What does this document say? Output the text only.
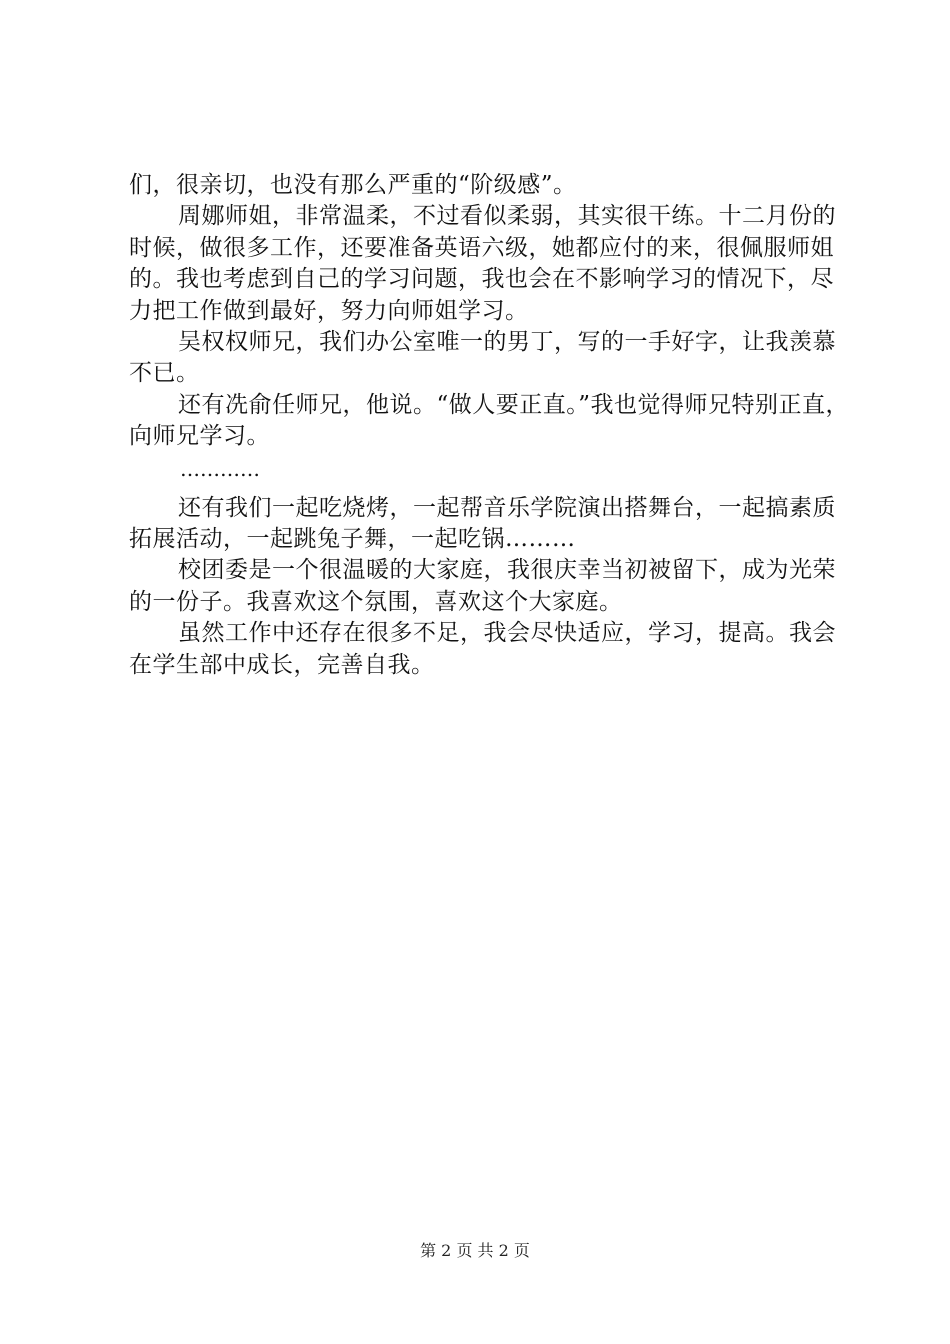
们，很亲切，也没有那么严重的“阶级感”。

周娜师姐，非常温柔，不过看似柔弱，其实很干练。十二月份的时候，做很多工作，还要准备英语六级，她都应付的来，很佩服师姐的。我也考虑到自己的学习问题，我也会在不影响学习的情况下，尽力把工作做到最好，努力向师姐学习。

吴权权师兄，我们办公室唯一的男丁，写的一手好字，让我羡慕不已。

还有冼俞任师兄，他说。“做人要正直。”我也觉得师兄特别正直，向师兄学习。

…………

还有我们一起吃烧烤，一起帮音乐学院演出搭舞台，一起搞素质拓展活动，一起跳兔子舞，一起吃锅………

校团委是一个很温暖的大家庭，我很庆幸当初被留下，成为光荣的一份子。我喜欢这个氛围，喜欢这个大家庭。

虽然工作中还存在很多不足，我会尽快适应，学习，提高。我会在学生部中成长，完善自我。

第 2 页 共 2 页
